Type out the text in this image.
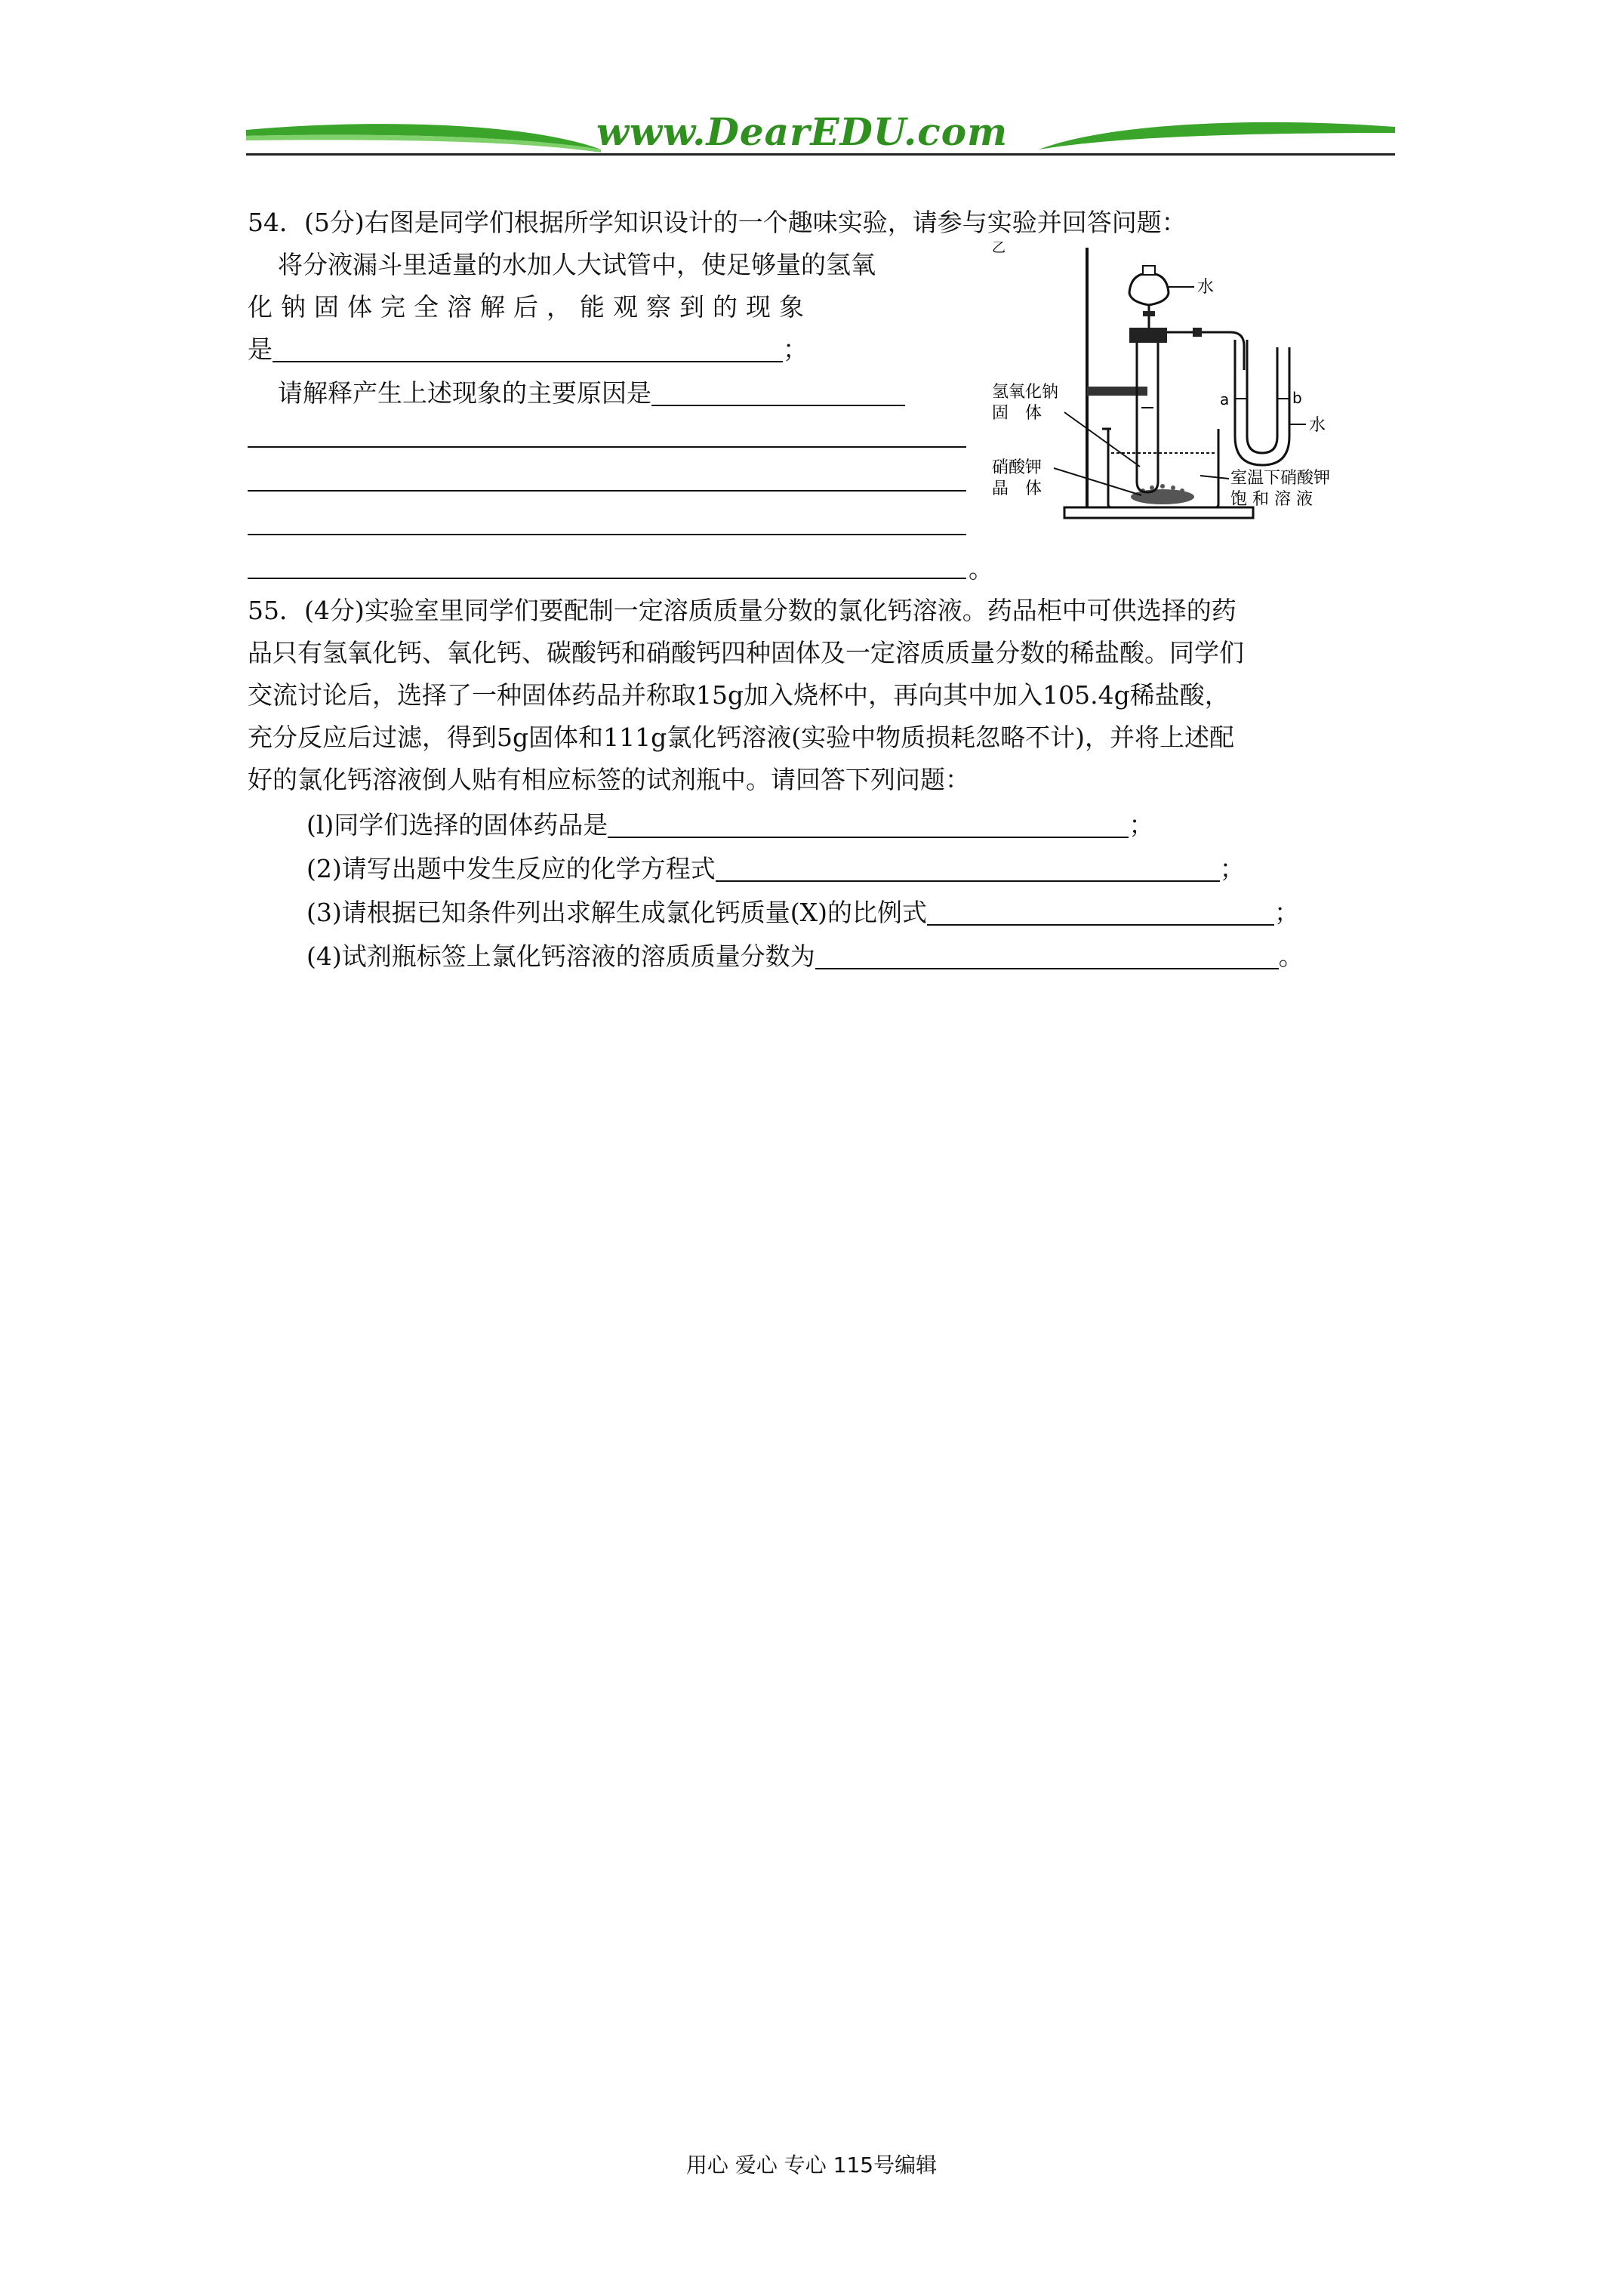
www.DearEDU.com
54．(5分)右图是同学们根据所学知识设计的一个趣味实验，请参与实验并回答问题：
将分液漏斗里适量的水加人大试管中，使足够量的氢氧
化钠固体完全溶解后，能观察到的现象
是	；
请解释产生上述现象的主要原因是
。
乙
水
a	b
水
氢氧化钠
固　体
硝酸钾
晶　体
室温下硝酸钾
饱 和 溶 液
55．(4分)实验室里同学们要配制一定溶质质量分数的氯化钙溶液。药品柜中可供选择的药
品只有氢氧化钙、氧化钙、碳酸钙和硝酸钙四种固体及一定溶质质量分数的稀盐酸。同学们
交流讨论后，选择了一种固体药品并称取15g加入烧杯中，再向其中加入105.4g稀盐酸，
充分反应后过滤，得到5g固体和111g氯化钙溶液(实验中物质损耗忽略不计)，并将上述配
好的氯化钙溶液倒人贴有相应标签的试剂瓶中。请回答下列问题：
(l)同学们选择的固体药品是	；
(2)请写出题中发生反应的化学方程式	；
(3)请根据已知条件列出求解生成氯化钙质量(X)的比例式	；
(4)试剂瓶标签上氯化钙溶液的溶质质量分数为	。
用心 爱心 专心 115号编辑
